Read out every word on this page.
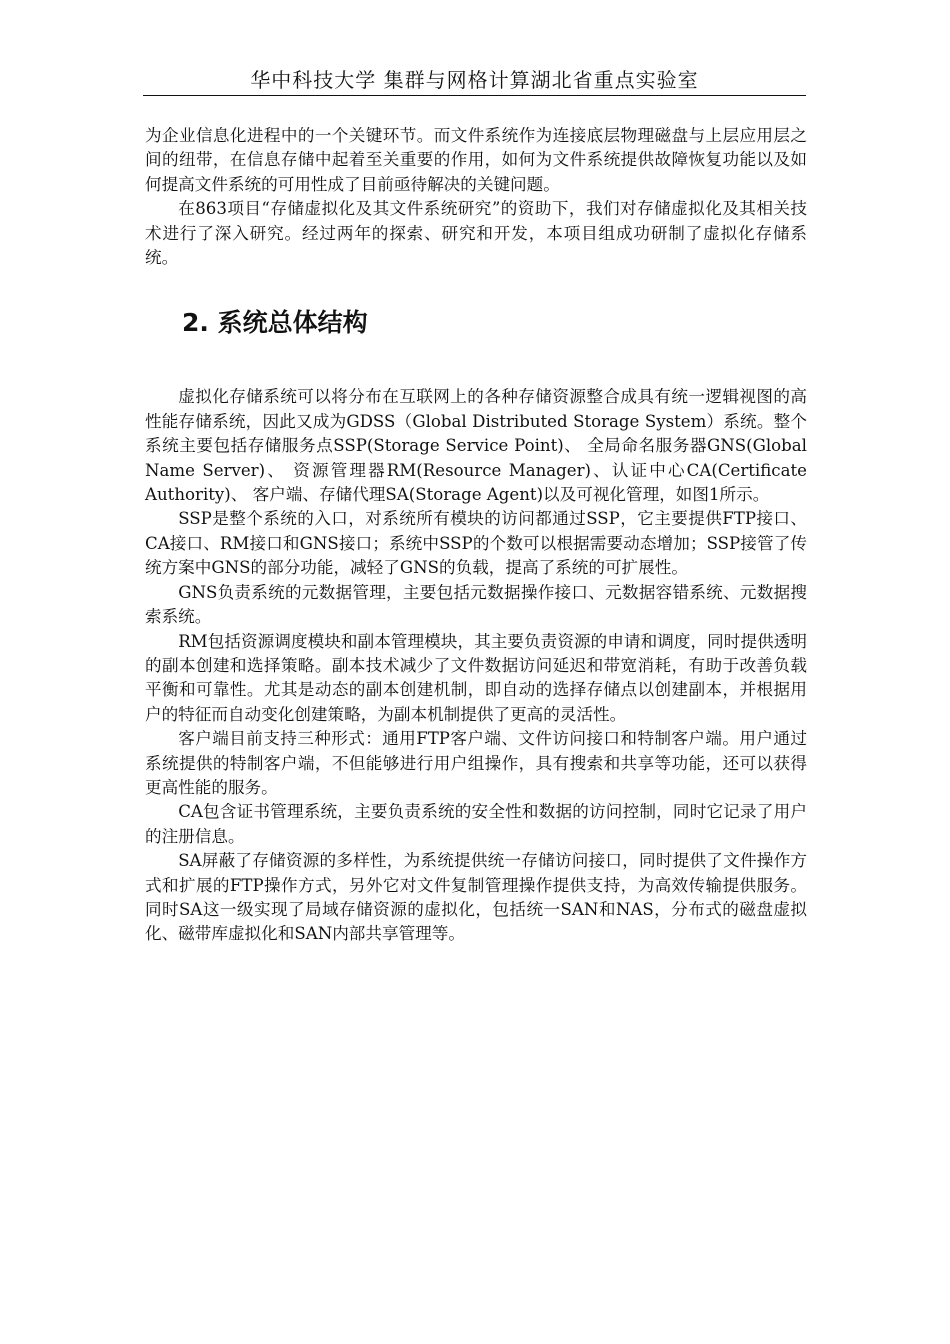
华中科技大学 集群与网格计算湖北省重点实验室

为企业信息化进程中的一个关键环节。而文件系统作为连接底层物理磁盘与上层应用层之间的纽带，在信息存储中起着至关重要的作用，如何为文件系统提供故障恢复功能以及如何提高文件系统的可用性成了目前亟待解决的关键问题。

在863项目“存储虚拟化及其文件系统研究”的资助下，我们对存储虚拟化及其相关技术进行了深入研究。经过两年的探索、研究和开发，本项目组成功研制了虚拟化存储系统。

2. 系统总体结构

虚拟化存储系统可以将分布在互联网上的各种存储资源整合成具有统一逻辑视图的高性能存储系统，因此又成为GDSS（Global Distributed Storage System）系统。整个系统主要包括存储服务点SSP(Storage Service Point)、 全局命名服务器GNS(Global Name Server)、 资源管理器RM(Resource Manager)、认证中心CA(Certificate Authority)、 客户端、存储代理SA(Storage Agent)以及可视化管理，如图1所示。

SSP是整个系统的入口，对系统所有模块的访问都通过SSP，它主要提供FTP接口、CA接口、RM接口和GNS接口；系统中SSP的个数可以根据需要动态增加；SSP接管了传统方案中GNS的部分功能，减轻了GNS的负载，提高了系统的可扩展性。

GNS负责系统的元数据管理，主要包括元数据操作接口、元数据容错系统、元数据搜索系统。

RM包括资源调度模块和副本管理模块，其主要负责资源的申请和调度，同时提供透明的副本创建和选择策略。副本技术减少了文件数据访问延迟和带宽消耗，有助于改善负载平衡和可靠性。尤其是动态的副本创建机制，即自动的选择存储点以创建副本，并根据用户的特征而自动变化创建策略，为副本机制提供了更高的灵活性。

客户端目前支持三种形式：通用FTP客户端、文件访问接口和特制客户端。用户通过系统提供的特制客户端，不但能够进行用户组操作，具有搜索和共享等功能，还可以获得更高性能的服务。

CA包含证书管理系统，主要负责系统的安全性和数据的访问控制，同时它记录了用户的注册信息。

SA屏蔽了存储资源的多样性，为系统提供统一存储访问接口，同时提供了文件操作方式和扩展的FTP操作方式，另外它对文件复制管理操作提供支持，为高效传输提供服务。同时SA这一级实现了局域存储资源的虚拟化，包括统一SAN和NAS，分布式的磁盘虚拟化、磁带库虚拟化和SAN内部共享管理等。
